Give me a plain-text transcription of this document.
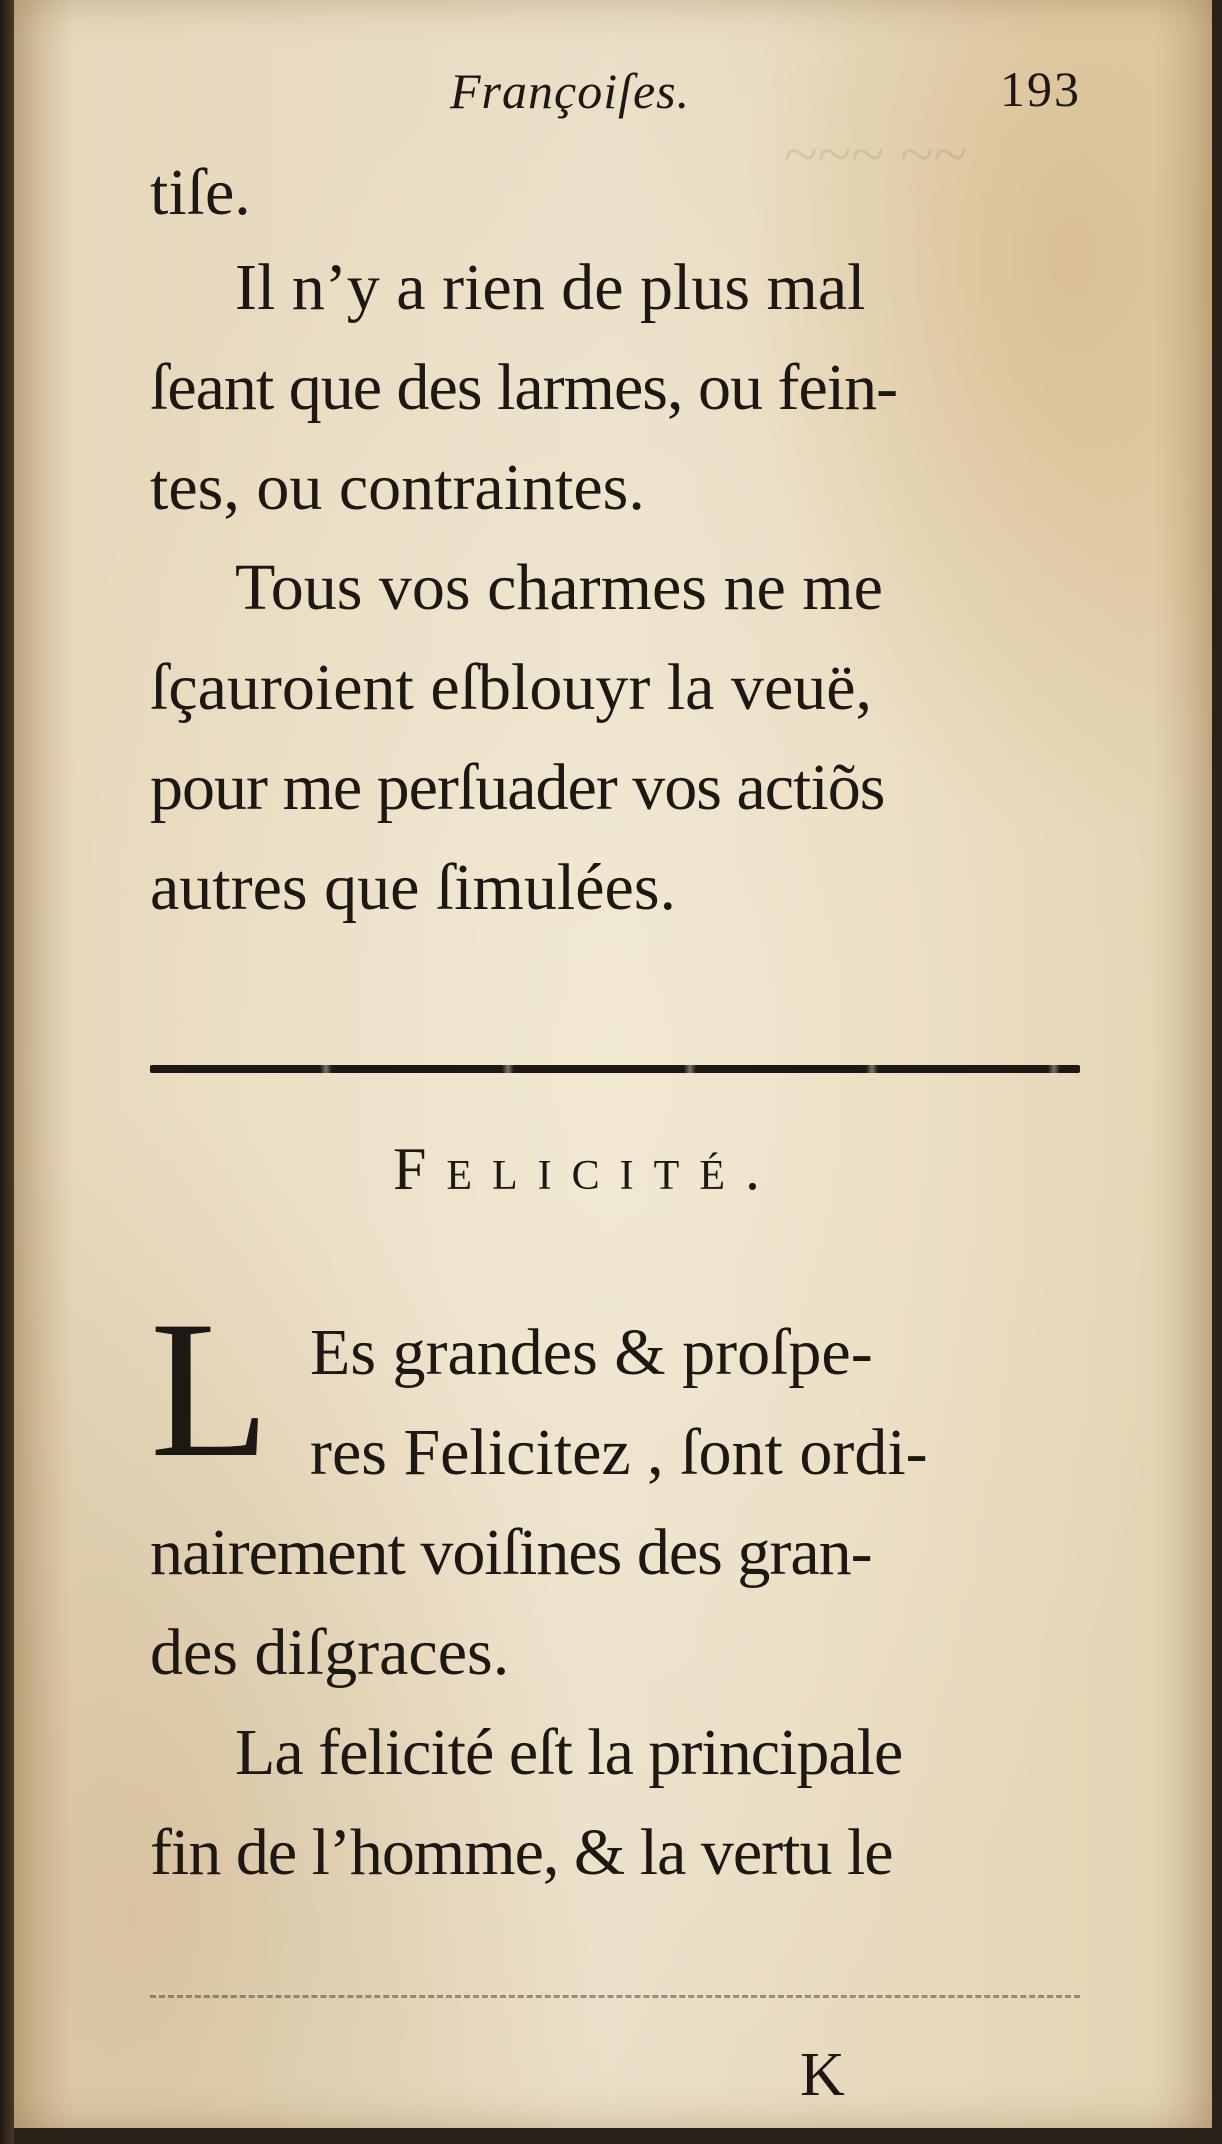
~~~ ~~
Françoiſes.	193
tiſe.
Il n’y a rien de plus mal
ſeant que des larmes, ou fein-
tes, ou contraintes.
Tous vos charmes ne me
ſçauroient eſblouyr la veuë,
pour me perſuader vos actiõs
autres que ſimulées.
Felicité.
L Es grandes & proſpe-
res Felicitez , ſont ordi-
nairement voiſines des gran-
des diſgraces.
La felicité eſt la principale
fin de l’homme, & la vertu le
K
